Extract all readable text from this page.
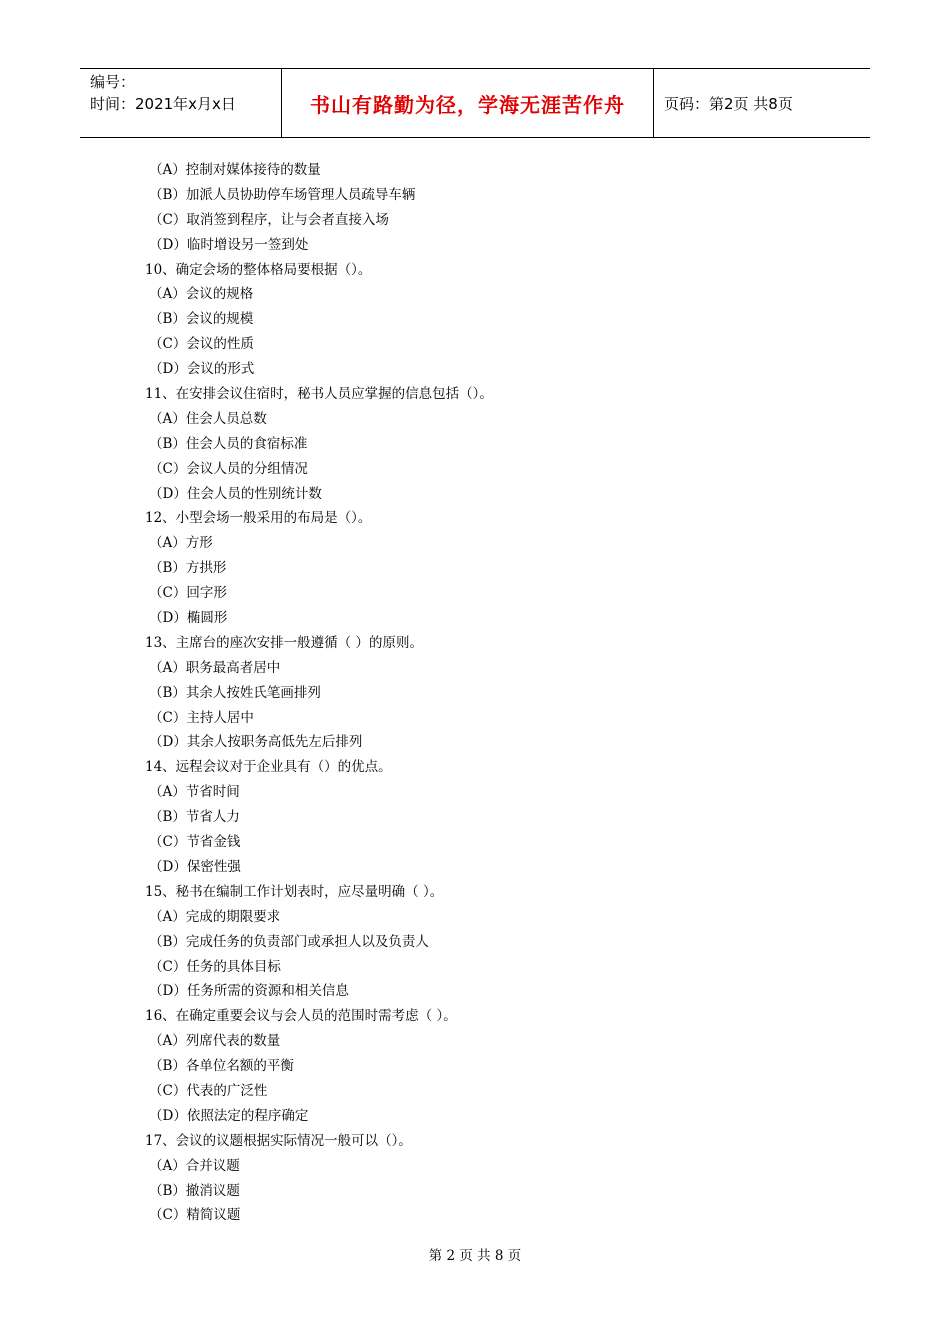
编号：
时间：2021年x月x日	书山有路勤为径，学海无涯苦作舟	页码：第2页 共8页
（A）控制对媒体接待的数量
（B）加派人员协助停车场管理人员疏导车辆
（C）取消签到程序，让与会者直接入场
（D）临时增设另一签到处
10、确定会场的整体格局要根据（）。
（A）会议的规格
（B）会议的规模
（C）会议的性质
（D）会议的形式
11、在安排会议住宿时，秘书人员应掌握的信息包括（）。
（A）住会人员总数
（B）住会人员的食宿标准
（C）会议人员的分组情况
（D）住会人员的性别统计数
12、小型会场一般采用的布局是（）。
（A）方形
（B）方拱形
（C）回字形
（D）椭圆形
13、主席台的座次安排一般遵循（ ）的原则。
（A）职务最高者居中
（B）其余人按姓氏笔画排列
（C）主持人居中
（D）其余人按职务高低先左后排列
14、远程会议对于企业具有（）的优点。
（A）节省时间
（B）节省人力
（C）节省金钱
（D）保密性强
15、秘书在编制工作计划表时，应尽量明确（ ）。
（A）完成的期限要求
（B）完成任务的负责部门或承担人以及负责人
（C）任务的具体目标
（D）任务所需的资源和相关信息
16、在确定重要会议与会人员的范围时需考虑（ ）。
（A）列席代表的数量
（B）各单位名额的平衡
（C）代表的广泛性
（D）依照法定的程序确定
17、会议的议题根据实际情况一般可以（）。
（A）合并议题
（B）撤消议题
（C）精简议题
第 2 页 共 8 页
